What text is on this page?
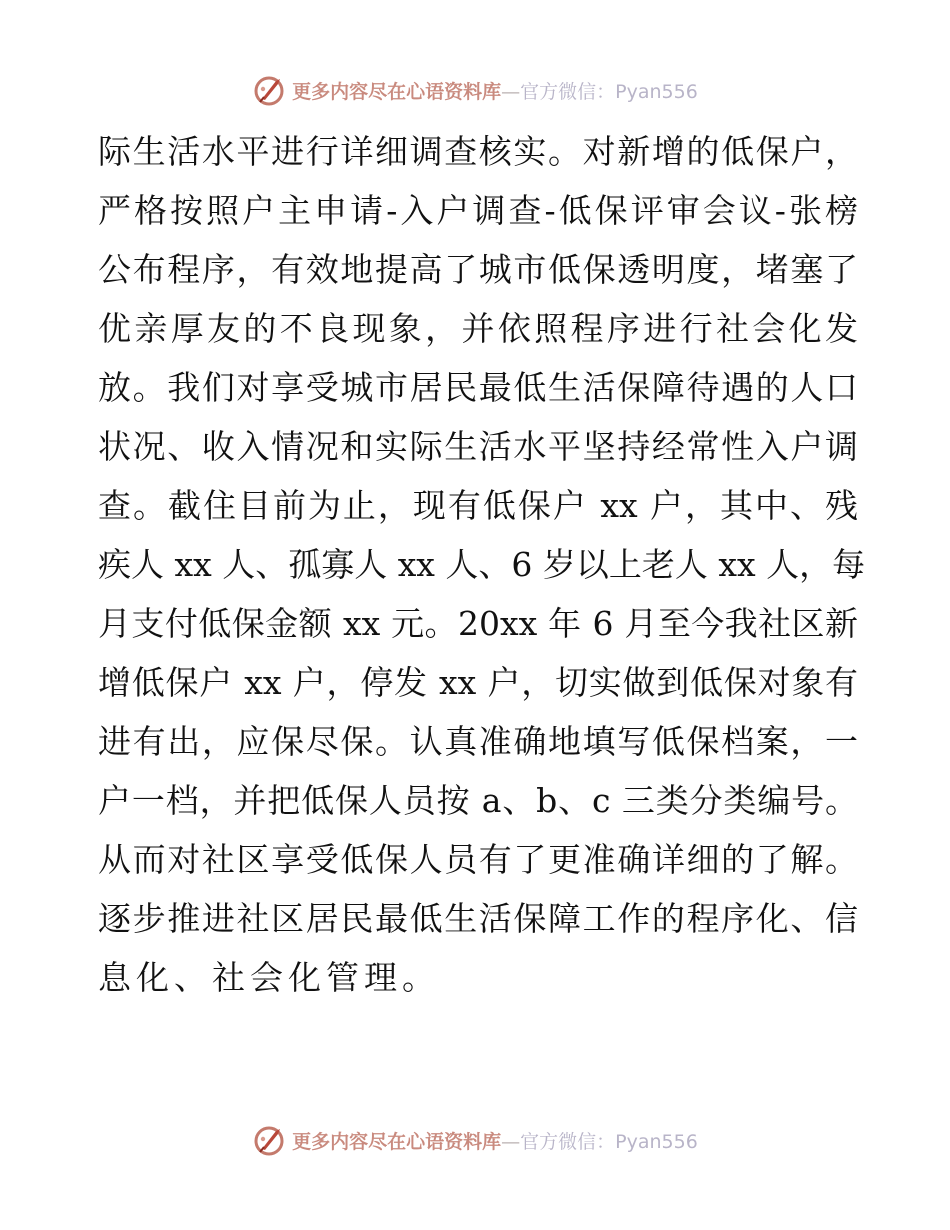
更多内容尽在心语资料库—官方微信：Pyan556
际生活水平进行详细调查核实。对新增的低保户，
严格按照户主申请-入户调查-低保评审会议-张榜
公布程序，有效地提高了城市低保透明度，堵塞了
优亲厚友的不良现象，并依照程序进行社会化发
放。我们对享受城市居民最低生活保障待遇的人口
状况、收入情况和实际生活水平坚持经常性入户调
查。截住目前为止，现有低保户 xx 户，其中、残
疾人 xx 人、孤寡人 xx 人、6 岁以上老人 xx 人，每
月支付低保金额 xx 元。20xx 年 6 月至今我社区新
增低保户 xx 户，停发 xx 户，切实做到低保对象有
进有出，应保尽保。认真准确地填写低保档案，一
户一档，并把低保人员按 a、b、c 三类分类编号。
从而对社区享受低保人员有了更准确详细的了解。
逐步推进社区居民最低生活保障工作的程序化、信
息化、社会化管理。
更多内容尽在心语资料库—官方微信：Pyan556
